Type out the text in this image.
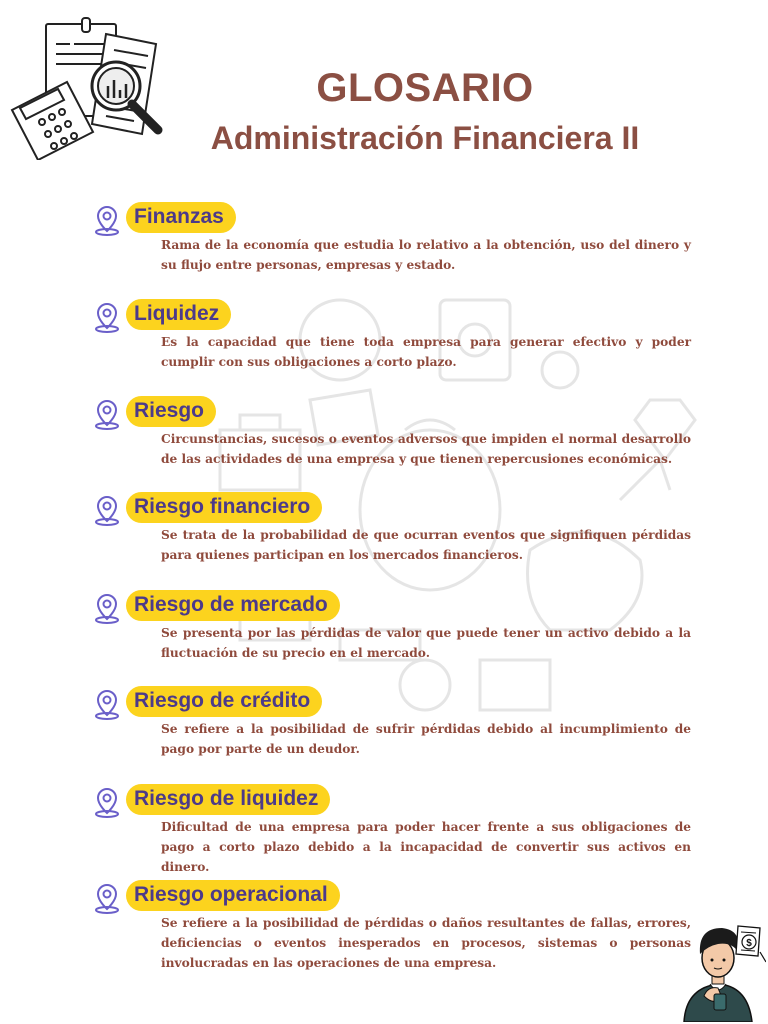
GLOSARIO
Administración Financiera II
Finanzas

Rama de la economía que estudia lo relativo a la obtención, uso del dinero y su flujo entre personas, empresas y estado.

Liquidez

Es la capacidad que tiene toda empresa para generar efectivo y poder cumplir con sus obligaciones a corto plazo.

Riesgo

Circunstancias, sucesos o eventos adversos que impiden el normal desarrollo de las actividades de una empresa y que tienen repercusiones económicas.

Riesgo financiero

Se trata de la probabilidad de que ocurran eventos que signifiquen pérdidas para quienes participan en los mercados financieros.

Riesgo de mercado

Se presenta por las pérdidas de valor que puede tener un activo debido a la fluctuación de su precio en el mercado.

Riesgo de crédito

Se refiere a la posibilidad de sufrir pérdidas debido al incumplimiento de pago por parte de un deudor.

Riesgo de liquidez

Dificultad de una empresa para poder hacer frente a sus obligaciones de pago a corto plazo debido a la incapacidad de convertir sus activos en dinero.

Riesgo operacional

Se refiere a la posibilidad de pérdidas o daños resultantes de fallas, errores, deficiencias o eventos inesperados en procesos, sistemas o personas involucradas en las operaciones de una empresa.

$
